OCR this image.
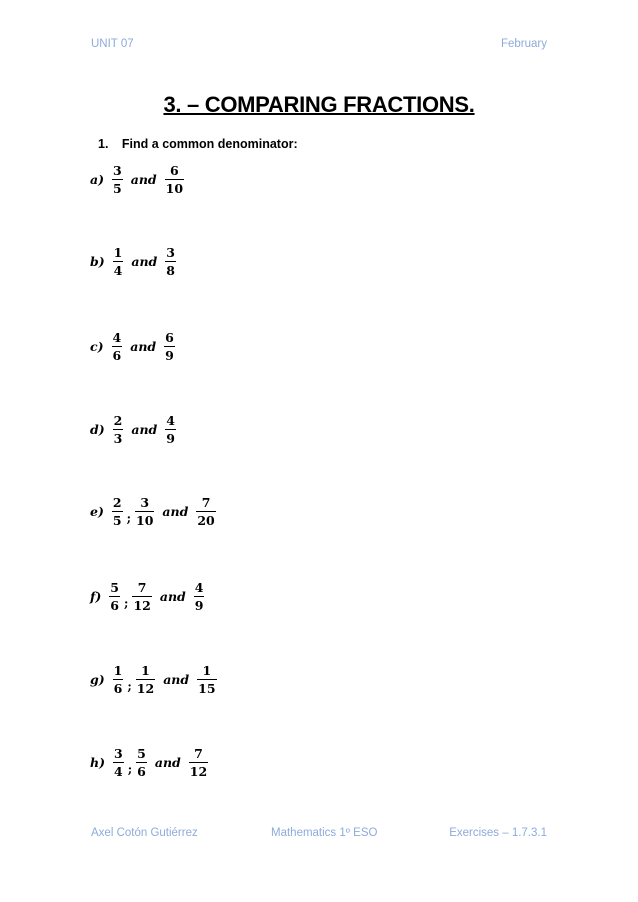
UNIT 07	February
3. – COMPARING FRACTIONS.
1. Find a common denominator:
$a) \frac{3}{5}$ and $\frac{6}{10}$
$b) \frac{1}{4}$ and $\frac{3}{8}$
$c) \frac{4}{6}$ and $\frac{6}{9}$
$d) \frac{2}{3}$ and $\frac{4}{9}$
$e) \frac{2}{5}$ ; $\frac{3}{10}$ and $\frac{7}{20}$
$f) \frac{5}{6}$ ; $\frac{7}{12}$ and $\frac{4}{9}$
$g) \frac{1}{6}$ ; $\frac{1}{12}$ and $\frac{1}{15}$
$h) \frac{3}{4}$ ; $\frac{5}{6}$ and $\frac{7}{12}$
Axel Cotón Gutiérrez	Mathematics 1º ESO	Exercises – 1.7.3.1
